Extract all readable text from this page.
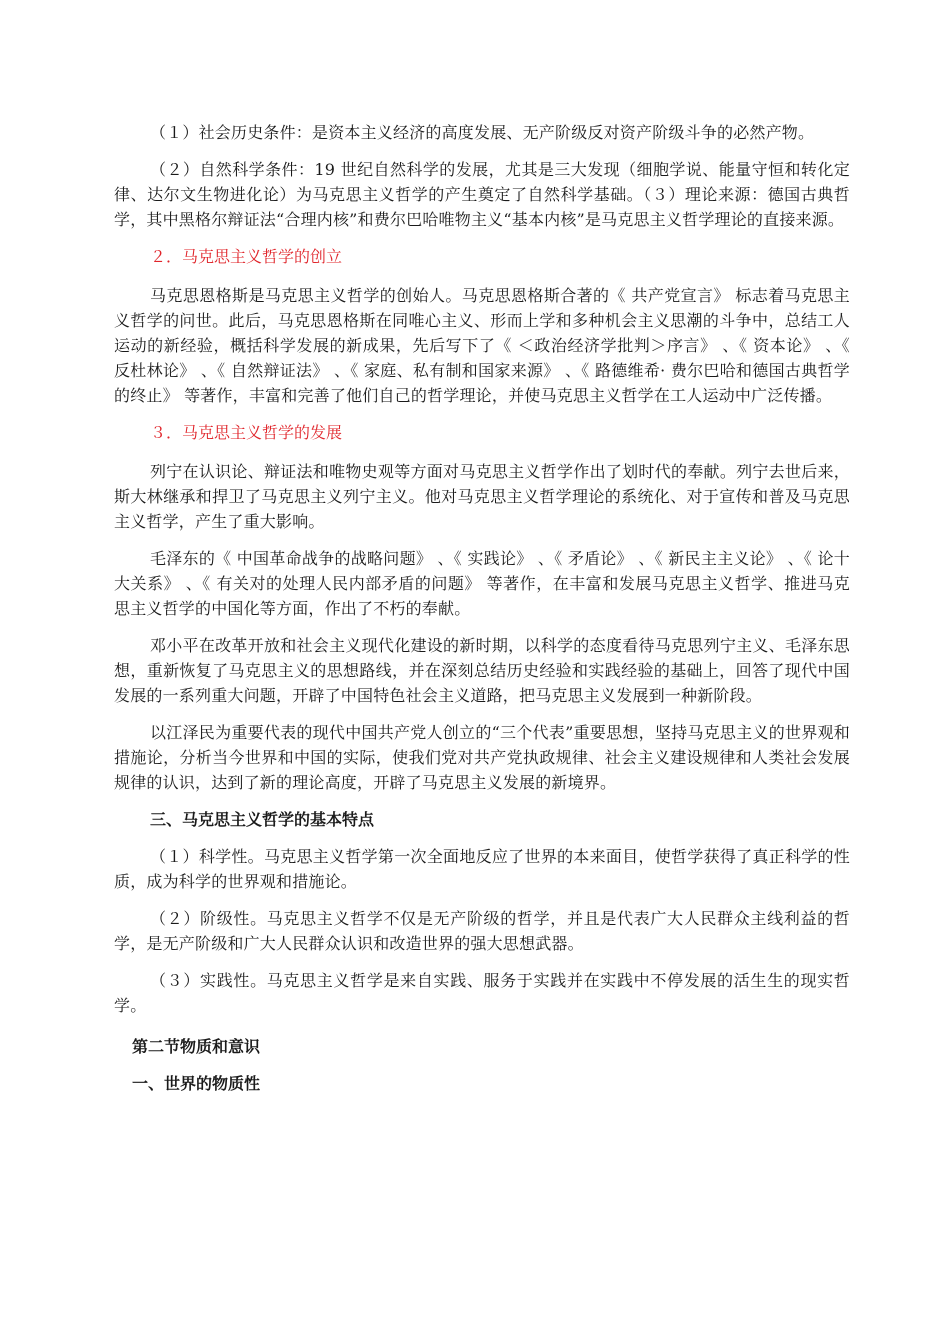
（１）社会历史条件：是资本主义经济的高度发展、无产阶级反对资产阶级斗争的必然产物。

（２）自然科学条件：19 世纪自然科学的发展，尤其是三大发现（细胞学说、能量守恒和转化定律、达尔文生物进化论）为马克思主义哲学的产生奠定了自然科学基础。（３）理论来源：德国古典哲学，其中黑格尔辩证法“合理内核”和费尔巴哈唯物主义“基本内核”是马克思主义哲学理论的直接来源。

２．马克思主义哲学的创立

马克思恩格斯是马克思主义哲学的创始人。马克思恩格斯合著的《 共产党宣言》 标志着马克思主义哲学的问世。此后，马克思恩格斯在同唯心主义、形而上学和多种机会主义思潮的斗争中，总结工人运动的新经验，概括科学发展的新成果，先后写下了《 ＜政治经济学批判＞序言》 、《 资本论》 、《 反杜林论》 、《 自然辩证法》 、《 家庭、私有制和国家来源》 、《 路德维希· 费尔巴哈和德国古典哲学的终止》 等著作，丰富和完善了他们自己的哲学理论，并使马克思主义哲学在工人运动中广泛传播。

３．马克思主义哲学的发展

列宁在认识论、辩证法和唯物史观等方面对马克思主义哲学作出了划时代的奉献。列宁去世后来，斯大林继承和捍卫了马克思主义列宁主义。他对马克思主义哲学理论的系统化、对于宣传和普及马克思主义哲学，产生了重大影响。

毛泽东的《 中国革命战争的战略问题》 、《 实践论》 、《 矛盾论》 、《 新民主主义论》 、《 论十大关系》 、《 有关对的处理人民内部矛盾的问题》 等著作，在丰富和发展马克思主义哲学、推进马克思主义哲学的中国化等方面，作出了不朽的奉献。

邓小平在改革开放和社会主义现代化建设的新时期，以科学的态度看待马克思列宁主义、毛泽东思想，重新恢复了马克思主义的思想路线，并在深刻总结历史经验和实践经验的基础上，回答了现代中国发展的一系列重大问题，开辟了中国特色社会主义道路，把马克思主义发展到一种新阶段。

以江泽民为重要代表的现代中国共产党人创立的“三个代表”重要思想，坚持马克思主义的世界观和措施论，分析当今世界和中国的实际，使我们党对共产党执政规律、社会主义建设规律和人类社会发展规律的认识，达到了新的理论高度，开辟了马克思主义发展的新境界。

三、马克思主义哲学的基本特点

（１）科学性。马克思主义哲学第一次全面地反应了世界的本来面目，使哲学获得了真正科学的性质，成为科学的世界观和措施论。

（２）阶级性。马克思主义哲学不仅是无产阶级的哲学，并且是代表广大人民群众主线利益的哲学，是无产阶级和广大人民群众认识和改造世界的强大思想武器。

（３）实践性。马克思主义哲学是来自实践、服务于实践并在实践中不停发展的活生生的现实哲学。

第二节物质和意识
一、世界的物质性
